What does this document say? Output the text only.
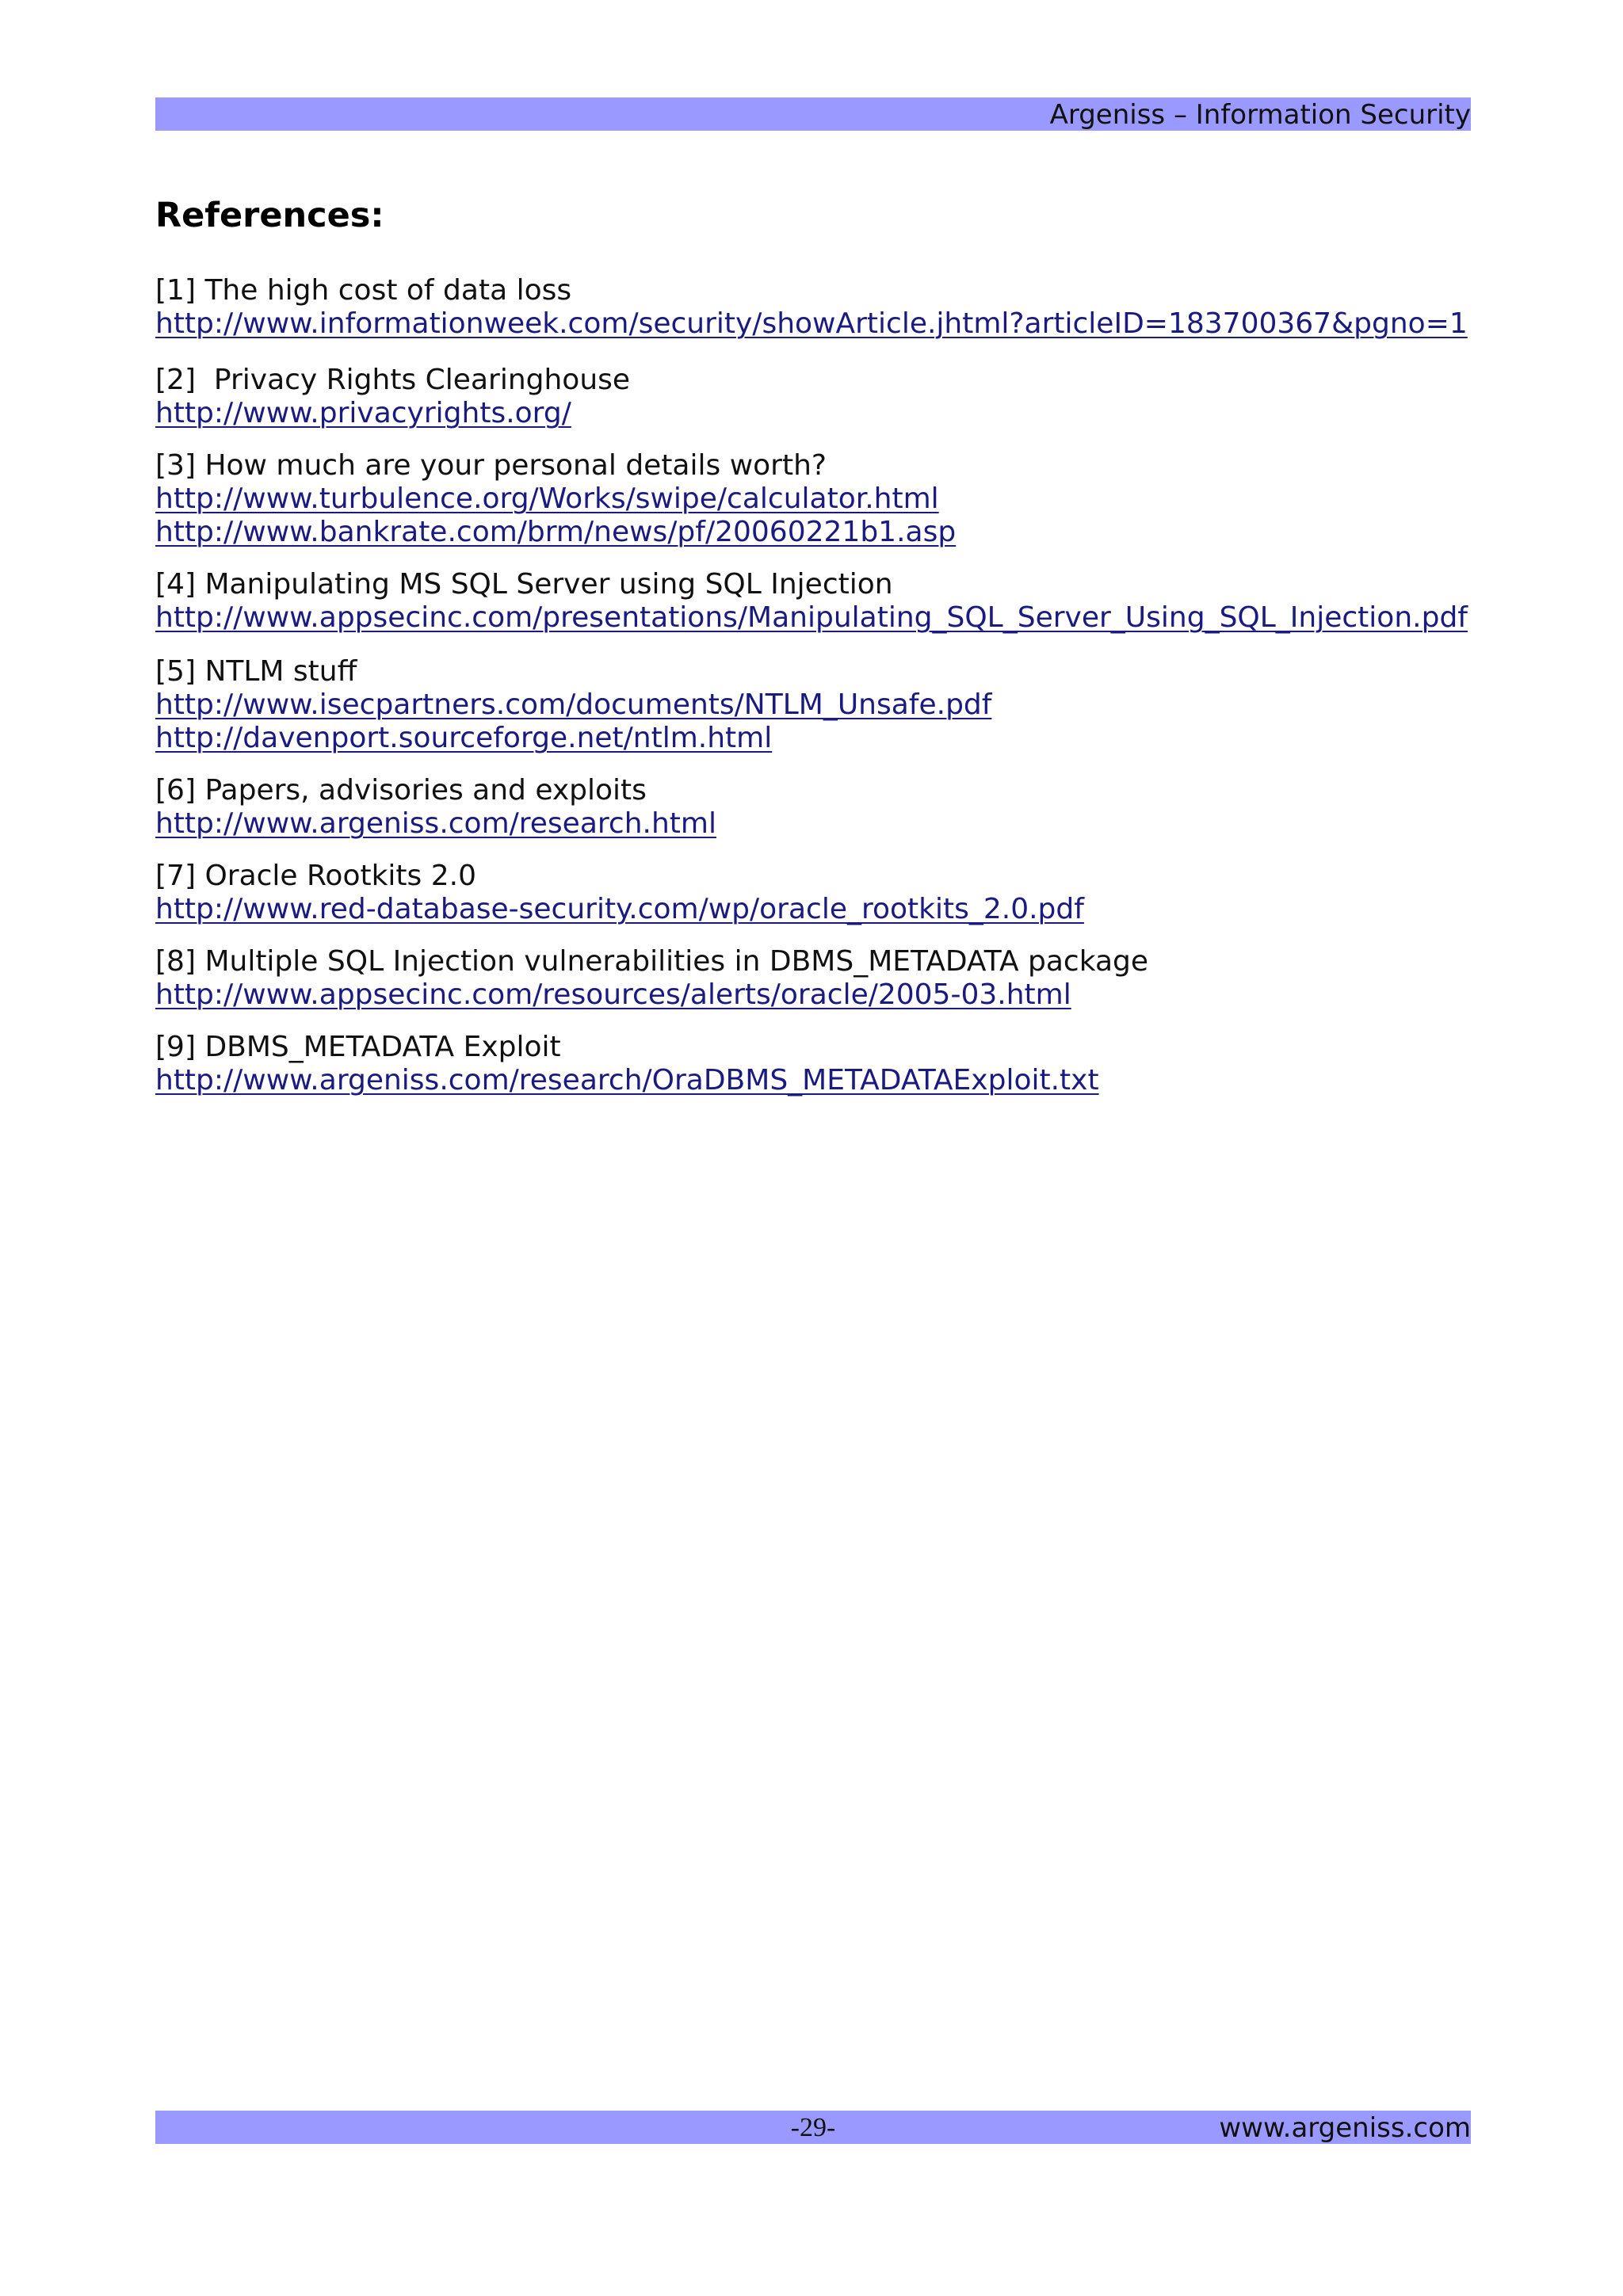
Argeniss – Information Security
References:
[1] The high cost of data loss
http://www.informationweek.com/security/showArticle.jhtml?articleID=183700367&pgno=1
[2]  Privacy Rights Clearinghouse
http://www.privacyrights.org/
[3] How much are your personal details worth?
http://www.turbulence.org/Works/swipe/calculator.html
http://www.bankrate.com/brm/news/pf/20060221b1.asp
[4] Manipulating MS SQL Server using SQL Injection
http://www.appsecinc.com/presentations/Manipulating_SQL_Server_Using_SQL_Injection.pdf
[5] NTLM stuff
http://www.isecpartners.com/documents/NTLM_Unsafe.pdf
http://davenport.sourceforge.net/ntlm.html
[6] Papers, advisories and exploits
http://www.argeniss.com/research.html
[7] Oracle Rootkits 2.0
http://www.red-database-security.com/wp/oracle_rootkits_2.0.pdf
[8] Multiple SQL Injection vulnerabilities in DBMS_METADATA package
http://www.appsecinc.com/resources/alerts/oracle/2005-03.html
[9] DBMS_METADATA Exploit
http://www.argeniss.com/research/OraDBMS_METADATAExploit.txt
-29-	www.argeniss.com
